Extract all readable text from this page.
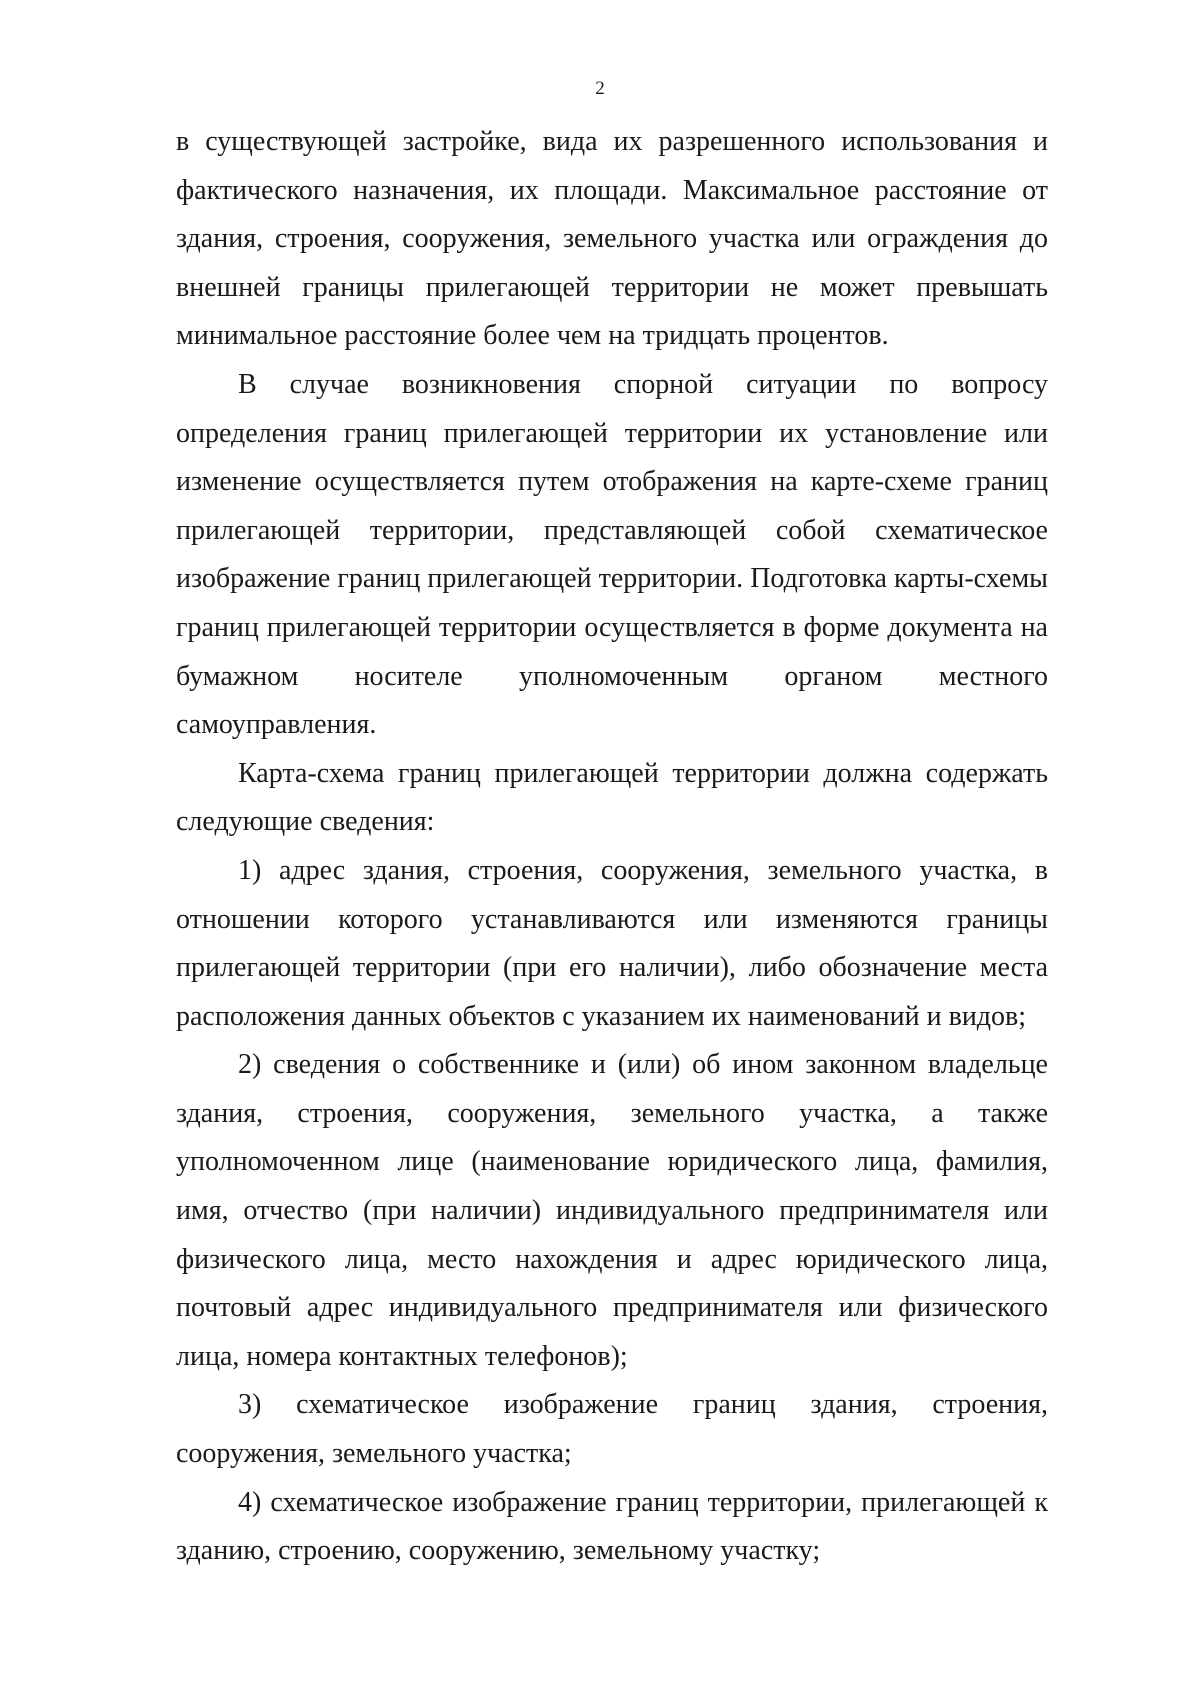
2

в существующей застройке, вида их разрешенного использования и фактического назначения, их площади. Максимальное расстояние от здания, строения, сооружения, земельного участка или ограждения до внешней границы прилегающей территории не может превышать минимальное расстояние более чем на тридцать процентов.

В случае возникновения спорной ситуации по вопросу определения границ прилегающей территории их установление или изменение осуществляется путем отображения на карте-схеме границ прилегающей территории, представляющей собой схематическое изображение границ прилегающей территории. Подготовка карты-схемы границ прилегающей территории осуществляется в форме документа на бумажном носителе уполномоченным органом местного самоуправления.

Карта-схема границ прилегающей территории должна содержать следующие сведения:

1) адрес здания, строения, сооружения, земельного участка, в отношении которого устанавливаются или изменяются границы прилегающей территории (при его наличии), либо обозначение места расположения данных объектов с указанием их наименований и видов;

2) сведения о собственнике и (или) об ином законном владельце здания, строения, сооружения, земельного участка, а также уполномоченном лице (наименование юридического лица, фамилия, имя, отчество (при наличии) индивидуального предпринимателя или физического лица, место нахождения и адрес юридического лица, почтовый адрес индивидуального предпринимателя или физического лица, номера контактных телефонов);

3) схематическое изображение границ здания, строения, сооружения, земельного участка;

4) схематическое изображение границ территории, прилегающей к зданию, строению, сооружению, земельному участку;
